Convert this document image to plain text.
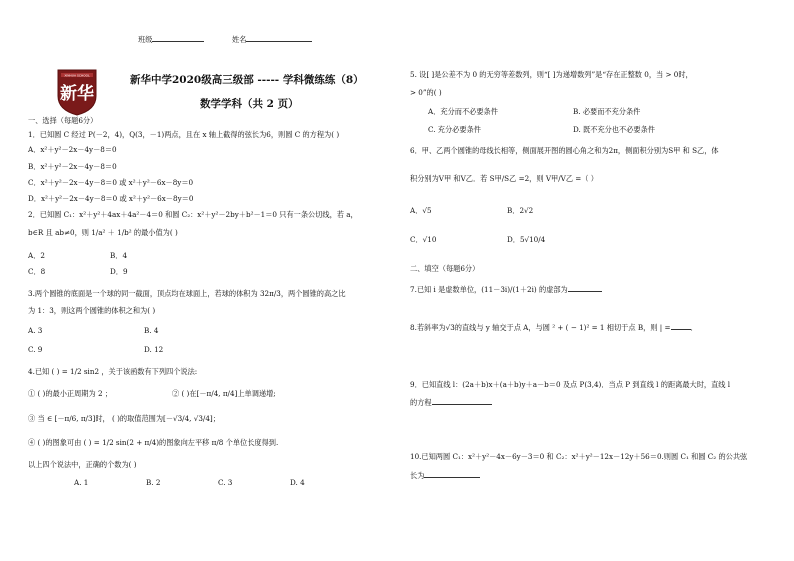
班级	姓名
XINHUA SCHOOL
新华
新华中学2020级高三级部 ----- 学科微练练（8）
数学学科（共 2 页）
一、选择（每题6分）
1．已知圆 C 经过 P(－2，4)，Q(3，－1)两点，且在 x 轴上截得的弦长为6，则圆 C 的方程为( )
A．x²＋y²－2x－4y－8＝0
B．x²＋y²－2x－4y－8＝0
C．x²＋y²－2x－4y－8＝0 或 x²＋y²－6x－8y＝0
D．x²＋y²－2x－4y－8＝0 或 x²＋y²－6x－8y＝0
2．已知圆 C₁：x²＋y²＋4ax＋4a²－4＝0 和圆 C₂：x²＋y²－2by＋b²－1＝0 只有一条公切线，若 a，
b∈R 且 ab≠0，则 1/a² ＋ 1/b² 的最小值为( )
A．2	B．4
C．8	D．9
3.两个圆锥的底面是一个球的同一截面，顶点均在球面上，若球的体积为 32π/3，两个圆锥的高之比
为 1：3，则这两个圆锥的体积之和为( )
A. 3	B. 4
C. 9	D. 12
4.已知 ( ) = 1/2 sin2 ，关于该函数有下列四个说法:
① ( )的最小正周期为 2 ；	② ( )在[－π/4, π/4]上单调递增;
③ 当 ∈ [－π/6, π/3]时， ( )的取值范围为[－√3/4, √3/4]；
④ ( )的图象可由 ( ) = 1/2 sin(2 + π/4)的图象向左平移 π/8 个单位长度得到.
以上四个说法中，正确的个数为( )
A. 1	B. 2	C. 3	D. 4
5. 设[ ]是公差不为 0 的无穷等差数列，则“[ ]为递增数列”是“存在正整数 0，当 > 0时，
> 0”的( )
A．充分而不必要条件	B. 必要而不充分条件
C. 充分必要条件	D. 既不充分也不必要条件
6．甲、乙两个圆锥的母线长相等，侧面展开图的圆心角之和为2π，侧面积分别为S甲 和 S乙，体
积分别为V甲 和V乙．若 S甲/S乙 =2，则 V甲/V乙 =（ ）
A．√5	B．2√2
C．√10	D．5√10/4
二、填空（每题6分）
7.已知 i 是虚数单位，(11－3i)/(1＋2i) 的虚部为
8.若斜率为√3的直线与 y 轴交于点 A，与圆 ² + ( − 1)² = 1 相切于点 B，则 | =	．
9．已知直线 l：(2a＋b)x＋(a＋b)y＋a－b＝0 及点 P(3,4)．当点 P 到直线 l 的距离最大时，直线 l
的方程
10.已知两圆 C₁：x²＋y²－4x－6y－3＝0 和 C₂：x²＋y²－12x－12y＋56＝0.则圆 C₁ 和圆 C₂ 的公共弦
长为
